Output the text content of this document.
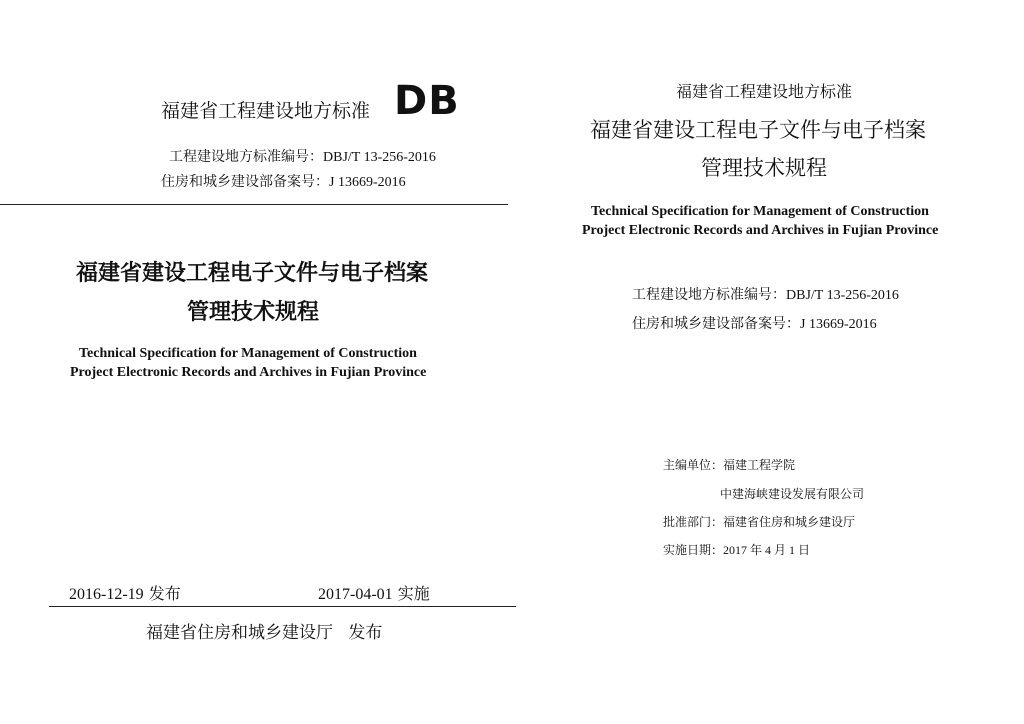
福建省工程建设地方标准 DB
工程建设地方标准编号：DBJ/T 13-256-2016
住房和城乡建设部备案号：J 13669-2016
福建省建设工程电子文件与电子档案
管理技术规程
Technical Specification for Management of Construction
Project Electronic Records and Archives in Fujian Province
2016-12-19 发布	2017-04-01 实施
福建省住房和城乡建设厅 发布
福建省工程建设地方标准
福建省建设工程电子文件与电子档案
管理技术规程
Technical Specification for Management of Construction
Project Electronic Records and Archives in Fujian Province
工程建设地方标准编号：DBJ/T 13-256-2016
住房和城乡建设部备案号：J 13669-2016
主编单位：福建工程学院
中建海峡建设发展有限公司
批准部门：福建省住房和城乡建设厅
实施日期：2017 年 4 月 1 日
